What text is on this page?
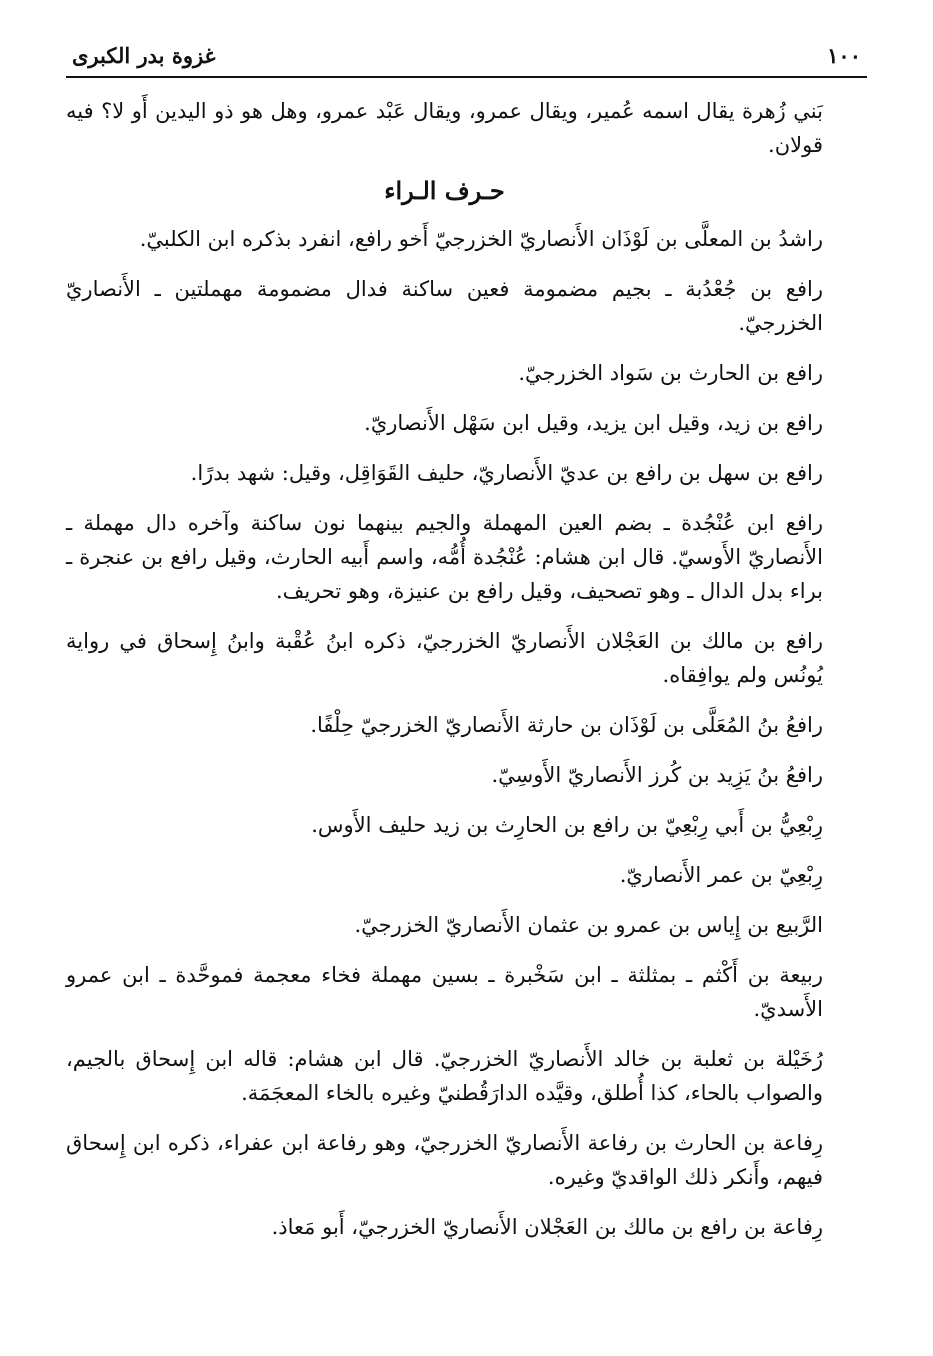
١٠٠
غزوة بدر الكبرى

بَني زُهرة يقال اسمه عُمير، ويقال عمرو، ويقال عَبْد عمرو، وهل هو ذو اليدين أَو لا؟ فيه قولان.

حـرف الـراء

راشدُ بن المعلَّى بن لَوْذَان الأَنصاريّ الخزرجيّ أَخو رافع، انفرد بذكره ابن الكلبيّ.

رافع بن جُعْدُبة ـ بجيم مضمومة فعين ساكنة فدال مضمومة مهملتين ـ الأَنصاريّ الخزرجيّ.

رافع بن الحارث بن سَواد الخزرجيّ.

رافع بن زيد، وقيل ابن يزيد، وقيل ابن سَهْل الأَنصاريّ.

رافع بن سهل بن رافع بن عديّ الأَنصاريّ، حليف القَوَاقِل، وقيل: شهد بدرًا.

رافع ابن عُنْجُدة ـ بضم العين المهملة والجيم بينهما نون ساكنة وآخره دال مهملة ـ الأَنصاريّ الأَوسيّ. قال ابن هشام: عُنْجُدة أُمُّه، واسم أَبيه الحارث، وقيل رافع بن عنجرة ـ براء بدل الدال ـ وهو تصحيف، وقيل رافع بن عنيزة، وهو تحريف.

رافع بن مالك بن العَجْلان الأَنصاريّ الخزرجيّ، ذكره ابنُ عُقْبة وابنُ إِسحاق في رواية يُونُس ولم يوافِقاه.

رافعُ بنُ المُعَلَّى بن لَوْذَان بن حارثة الأَنصاريّ الخزرجيّ حِلْفًا.

رافعُ بنُ يَزِيد بن كُرز الأَنصاريّ الأَوسِيّ.

رِبْعِيُّ بن أَبي رِبْعِيّ بن رافع بن الحارِث بن زيد حليف الأَوس.

رِبْعِيّ بن عمر الأَنصاريّ.

الرَّبيع بن إِياس بن عمرو بن عثمان الأَنصاريّ الخزرجيّ.

ربيعة بن أَكْثم ـ بمثلثة ـ ابن سَخْبرة ـ بسين مهملة فخاء معجمة فموحَّدة ـ ابن عمرو الأَسديّ.

رُخَيْلة بن ثعلبة بن خالد الأَنصاريّ الخزرجيّ. قال ابن هشام: قاله ابن إِسحاق بالجيم، والصواب بالحاء، كذا أُطلق، وقيَّده الدارَقُطنيّ وغيره بالخاء المعجَمَة.

رِفاعة بن الحارث بن رفاعة الأَنصاريّ الخزرجيّ، وهو رفاعة ابن عفراء، ذكره ابن إِسحاق فيهم، وأَنكر ذلك الواقديّ وغيره.

رِفاعة بن رافع بن مالك بن العَجْلان الأَنصاريّ الخزرجيّ، أَبو مَعاذ.
